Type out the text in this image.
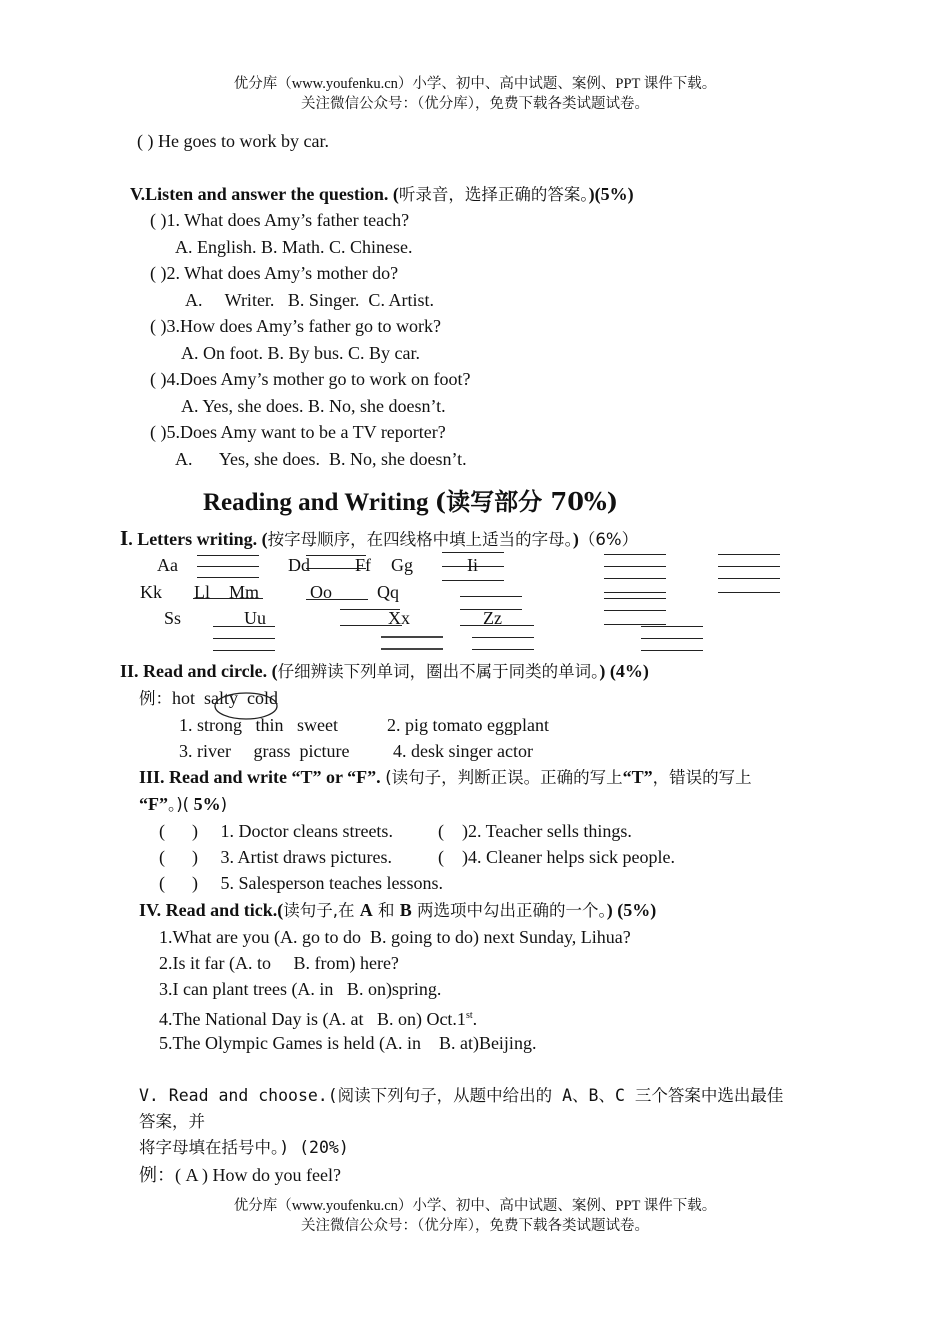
优分库（www.youfenku.cn）小学、初中、高中试题、案例、PPT 课件下载。
关注微信公众号：（优分库），免费下载各类试题试卷。
( ) He goes to work by car.
V.Listen and answer the question. (听录音，选择正确的答案。)(5%)
( )1. What does Amy’s father teach?
A. English. B. Math. C. Chinese.
( )2. What does Amy’s mother do?
A.     Writer.   B. Singer.  C. Artist.
( )3.How does Amy’s father go to work?
A. On foot. B. By bus. C. By car.
( )4.Does Amy’s mother go to work on foot?
A. Yes, she does. B. No, she doesn’t.
( )5.Does Amy want to be a TV reporter?
A.      Yes, she does.  B. No, she doesn’t.
Reading and Writing (读写部分 70%)
I. Letters writing. (按字母顺序，在四线格中填上适当的字母。)（6%）
Aa	Dd	Ff Gg	Ii
Kk Ll Mm	Oo	Qq
Ss	Uu	Xx	Zz
II. Read and circle. (仔细辨读下列单词，圈出不属于同类的单词。) (4%)
例：hot salty cold
1. strong   thin   sweet	2. pig tomato eggplant
3. river     grass  picture 4. desk singer actor
III. Read and write “T” or “F”. (读句子，判断正误。正确的写上“T”，错误的写上
“F”。)( 5%)
(      ) 1. Doctor cleans streets.	(    )2. Teacher sells things.
(      ) 3. Artist draws pictures.	(    )4. Cleaner helps sick people.
(      ) 5. Salesperson teaches lessons.
IV. Read and tick.(读句子,在 A 和 B 两选项中勾出正确的一个。) (5%)
1.What are you (A. go to do  B. going to do) next Sunday, Lihua?
2.Is it far (A. to     B. from) here?
3.I can plant trees (A. in   B. on)spring.
4.The National Day is (A. at   B. on) Oct.1st.
5.The Olympic Games is held (A. in    B. at)Beijing.
V. Read and choose.(阅读下列句子，从题中给出的 A、B、C 三个答案中选出最佳
答案，并
将字母填在括号中。) (20%)
例：( A ) How do you feel?
优分库（www.youfenku.cn）小学、初中、高中试题、案例、PPT 课件下载。
关注微信公众号：（优分库），免费下载各类试题试卷。
